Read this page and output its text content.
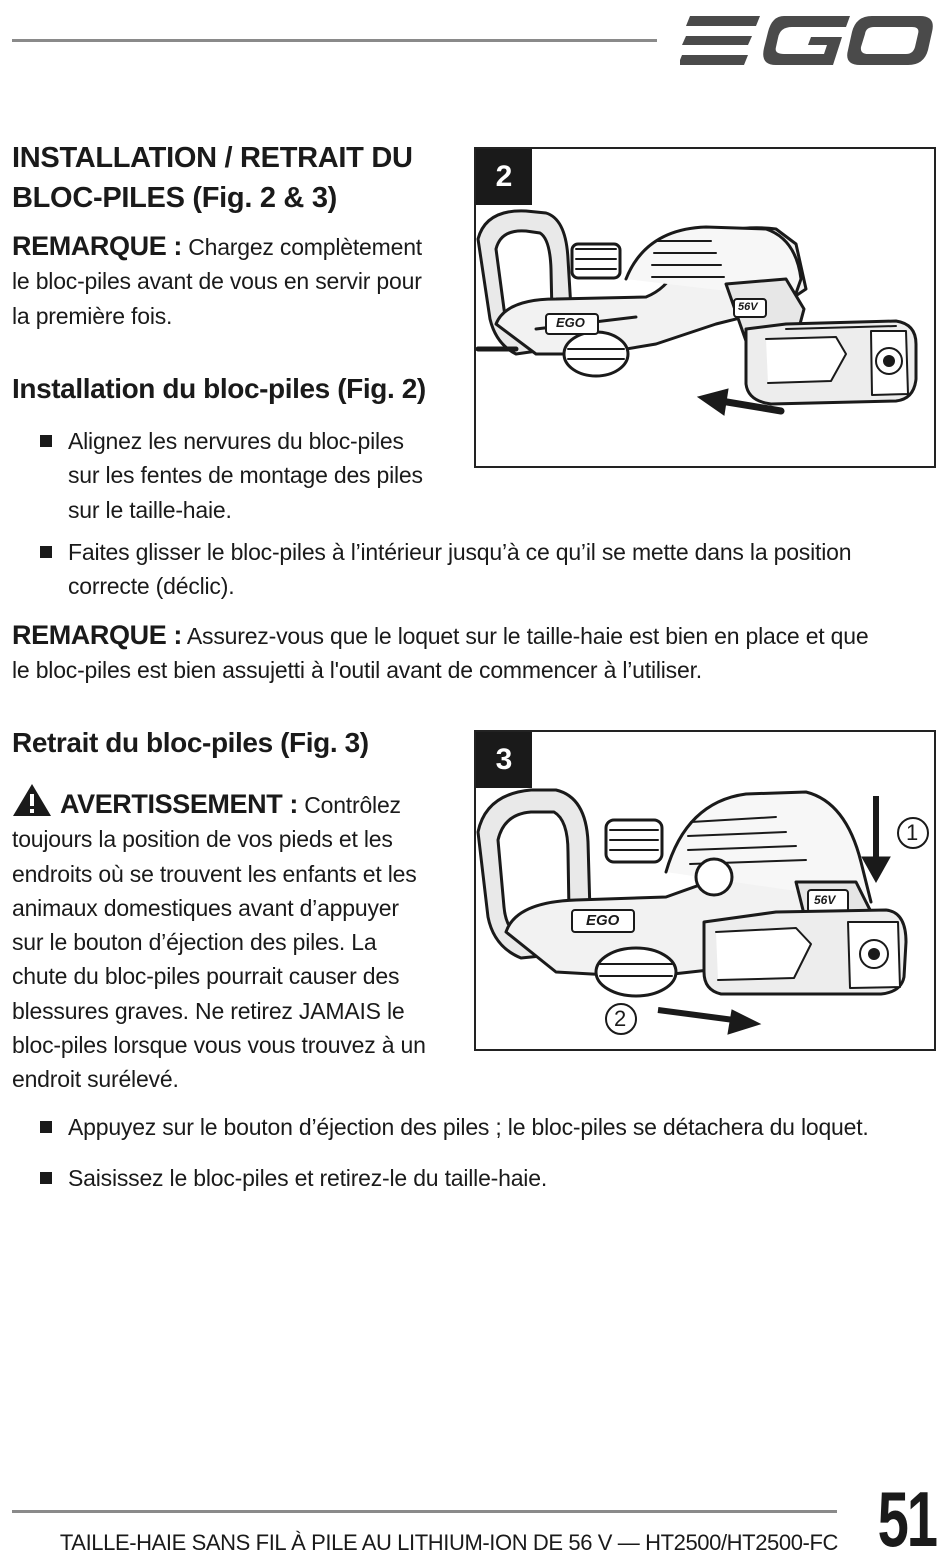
INSTALLATION / RETRAIT DU
BLOC-PILES (Fig. 2 & 3)
REMARQUE : Chargez complètement
le bloc-piles avant de vous en servir pour
la première fois.
Installation du bloc-piles (Fig. 2)
Alignez les nervures du bloc-piles
sur les fentes de montage des piles
sur le taille-haie.
Faites glisser le bloc-piles à l’intérieur jusqu’à ce qu’il se mette dans la position
correcte (déclic).
REMARQUE : Assurez-vous que le loquet sur le taille-haie est bien en place et que
le bloc-piles est bien assujetti à l'outil avant de commencer à l’utiliser.
Retrait du bloc-piles (Fig. 3)
AVERTISSEMENT : Contrôlez
toujours la position de vos pieds et les
endroits où se trouvent les enfants et les
animaux domestiques avant d’appuyer
sur le bouton d’éjection des piles. La
chute du bloc-piles pourrait causer des
blessures graves. Ne retirez JAMAIS le
bloc-piles lorsque vous vous trouvez à un
endroit surélevé.
Appuyez sur le bouton d’éjection des piles ; le bloc-piles se détachera du loquet.
Saisissez le bloc-piles et retirez-le du taille-haie.
2
56V
EGO
3
56V
EGO
1
2
TAILLE-HAIE SANS FIL À PILE AU LITHIUM-ION DE 56 V — HT2500/HT2500-FC 51
